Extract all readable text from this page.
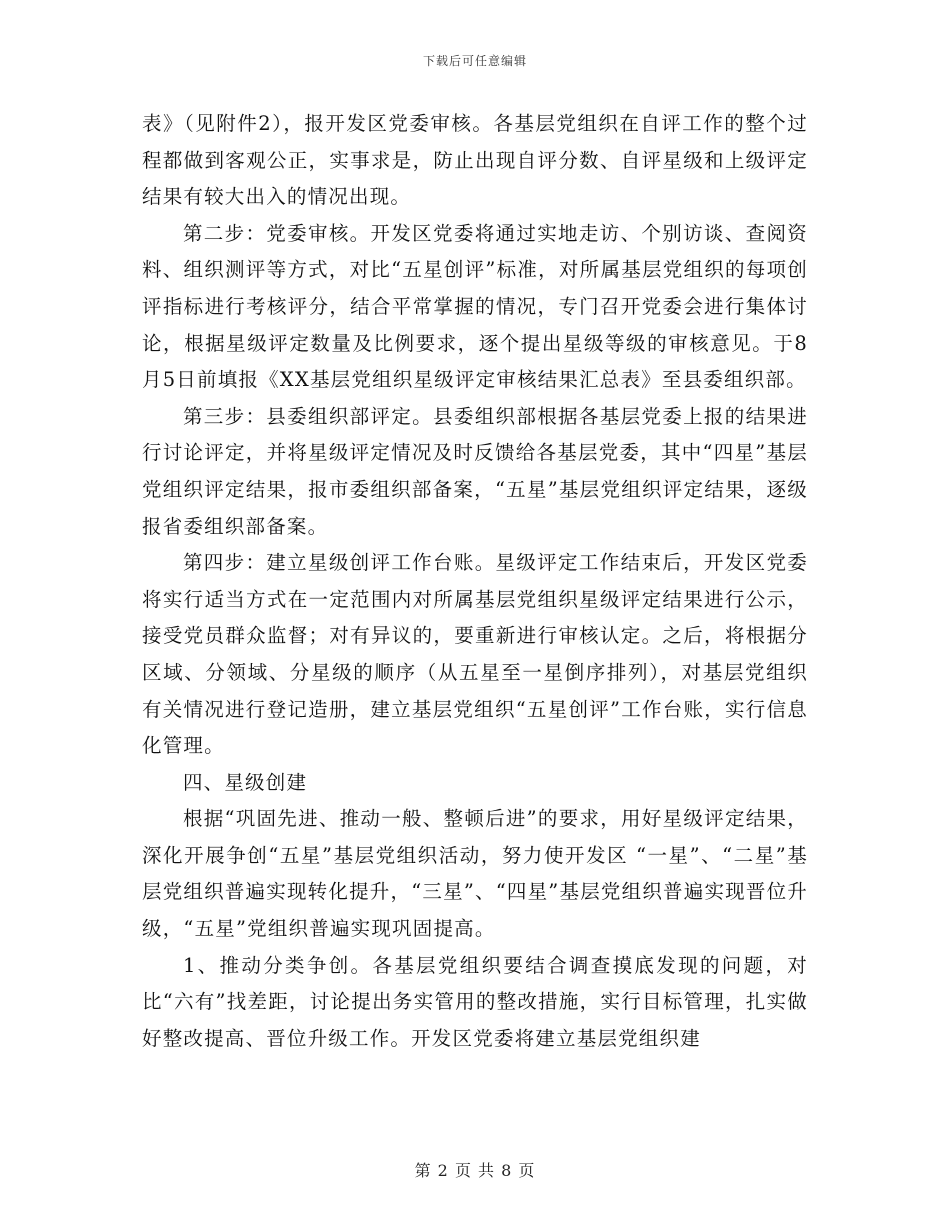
下载后可任意编辑

表》（见附件2），报开发区党委审核。各基层党组织在自评工作的整个过程都做到客观公正，实事求是，防止出现自评分数、自评星级和上级评定结果有较大出入的情况出现。

第二步：党委审核。开发区党委将通过实地走访、个别访谈、查阅资料、组织测评等方式，对比“五星创评”标准，对所属基层党组织的每项创评指标进行考核评分，结合平常掌握的情况，专门召开党委会进行集体讨论，根据星级评定数量及比例要求，逐个提出星级等级的审核意见。于8月5日前填报《XX基层党组织星级评定审核结果汇总表》至县委组织部。

第三步：县委组织部评定。县委组织部根据各基层党委上报的结果进行讨论评定，并将星级评定情况及时反馈给各基层党委，其中“四星”基层党组织评定结果，报市委组织部备案，“五星”基层党组织评定结果，逐级报省委组织部备案。

第四步：建立星级创评工作台账。星级评定工作结束后，开发区党委将实行适当方式在一定范围内对所属基层党组织星级评定结果进行公示，接受党员群众监督；对有异议的，要重新进行审核认定。之后，将根据分区域、分领域、分星级的顺序（从五星至一星倒序排列），对基层党组织有关情况进行登记造册，建立基层党组织“五星创评”工作台账，实行信息化管理。

四、星级创建

根据“巩固先进、推动一般、整顿后进”的要求，用好星级评定结果，深化开展争创“五星”基层党组织活动，努力使开发区 “一星”、“二星”基层党组织普遍实现转化提升，“三星”、“四星”基层党组织普遍实现晋位升级，“五星”党组织普遍实现巩固提高。

1、推动分类争创。各基层党组织要结合调查摸底发现的问题，对比“六有”找差距，讨论提出务实管用的整改措施，实行目标管理，扎实做好整改提高、晋位升级工作。开发区党委将建立基层党组织建

第 2 页 共 8 页
